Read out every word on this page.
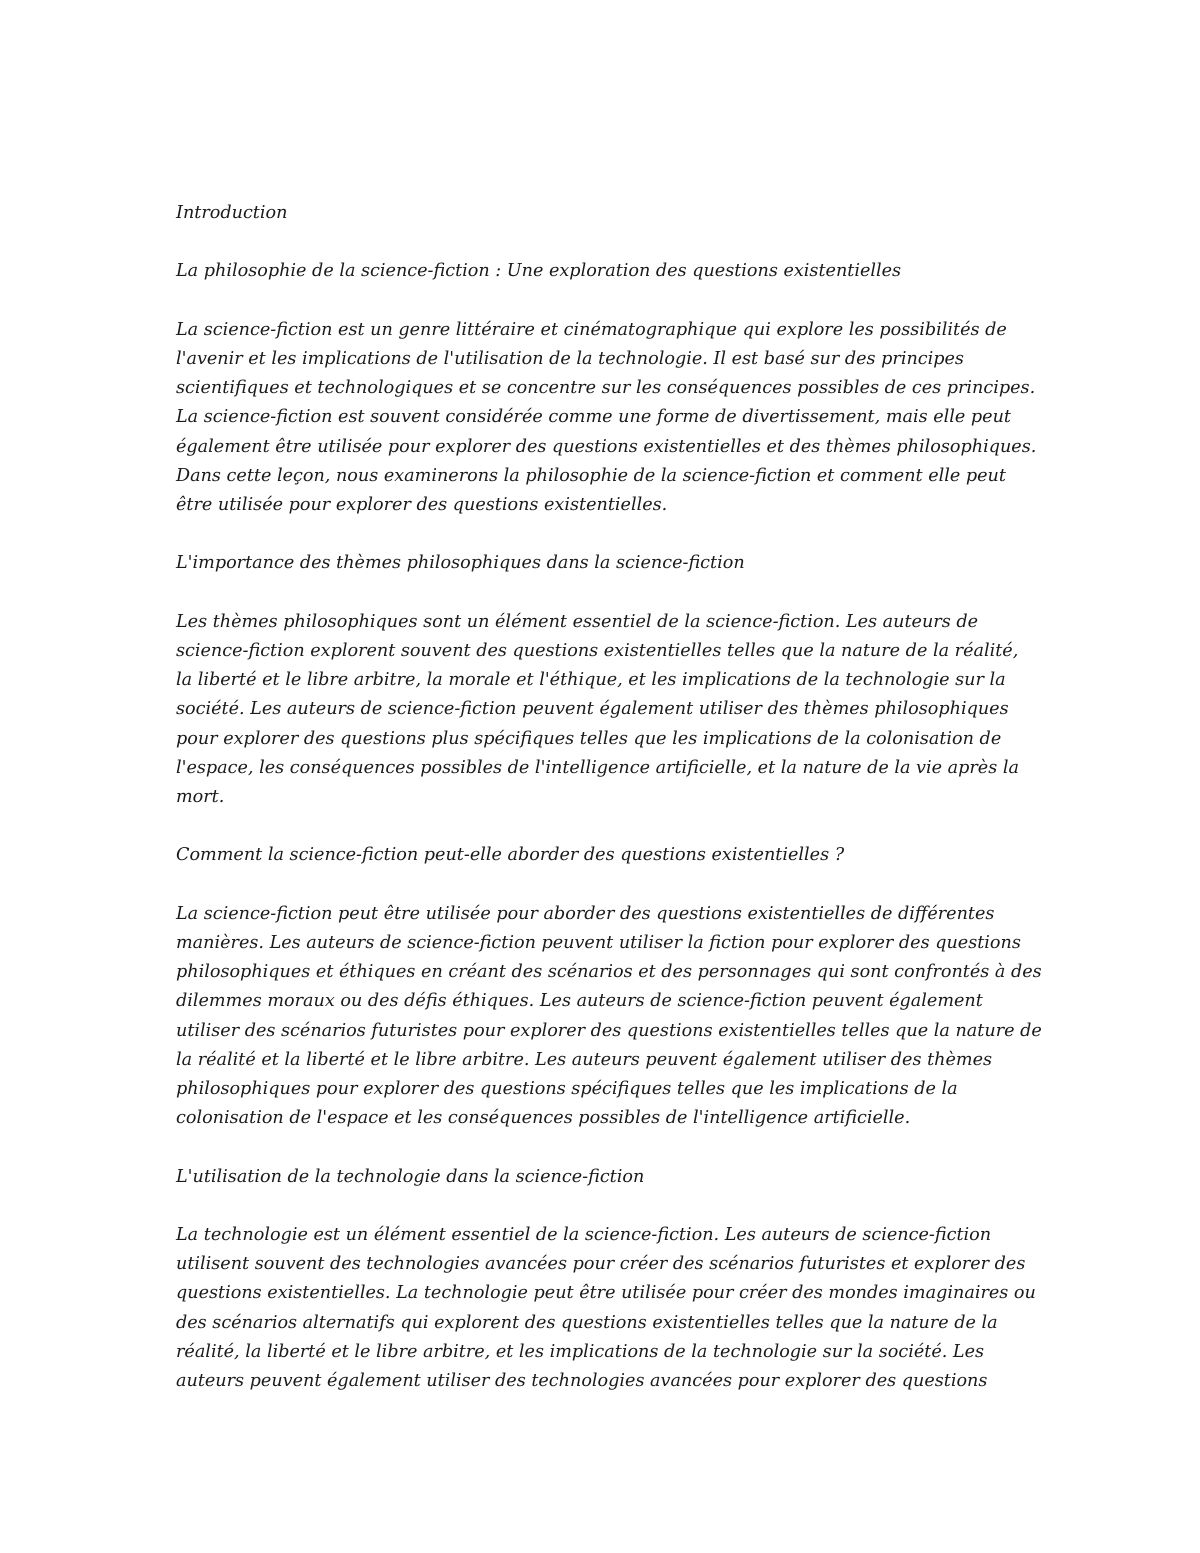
Introduction

La philosophie de la science-fiction : Une exploration des questions existentielles

La science-fiction est un genre littéraire et cinématographique qui explore les possibilités de
l'avenir et les implications de l'utilisation de la technologie. Il est basé sur des principes
scientifiques et technologiques et se concentre sur les conséquences possibles de ces principes.
La science-fiction est souvent considérée comme une forme de divertissement, mais elle peut
également être utilisée pour explorer des questions existentielles et des thèmes philosophiques.
Dans cette leçon, nous examinerons la philosophie de la science-fiction et comment elle peut
être utilisée pour explorer des questions existentielles.

L'importance des thèmes philosophiques dans la science-fiction

Les thèmes philosophiques sont un élément essentiel de la science-fiction. Les auteurs de
science-fiction explorent souvent des questions existentielles telles que la nature de la réalité,
la liberté et le libre arbitre, la morale et l'éthique, et les implications de la technologie sur la
société. Les auteurs de science-fiction peuvent également utiliser des thèmes philosophiques
pour explorer des questions plus spécifiques telles que les implications de la colonisation de
l'espace, les conséquences possibles de l'intelligence artificielle, et la nature de la vie après la
mort.

Comment la science-fiction peut-elle aborder des questions existentielles ?

La science-fiction peut être utilisée pour aborder des questions existentielles de différentes
manières. Les auteurs de science-fiction peuvent utiliser la fiction pour explorer des questions
philosophiques et éthiques en créant des scénarios et des personnages qui sont confrontés à des
dilemmes moraux ou des défis éthiques. Les auteurs de science-fiction peuvent également
utiliser des scénarios futuristes pour explorer des questions existentielles telles que la nature de
la réalité et la liberté et le libre arbitre. Les auteurs peuvent également utiliser des thèmes
philosophiques pour explorer des questions spécifiques telles que les implications de la
colonisation de l'espace et les conséquences possibles de l'intelligence artificielle.

L'utilisation de la technologie dans la science-fiction

La technologie est un élément essentiel de la science-fiction. Les auteurs de science-fiction
utilisent souvent des technologies avancées pour créer des scénarios futuristes et explorer des
questions existentielles. La technologie peut être utilisée pour créer des mondes imaginaires ou
des scénarios alternatifs qui explorent des questions existentielles telles que la nature de la
réalité, la liberté et le libre arbitre, et les implications de la technologie sur la société. Les
auteurs peuvent également utiliser des technologies avancées pour explorer des questions
